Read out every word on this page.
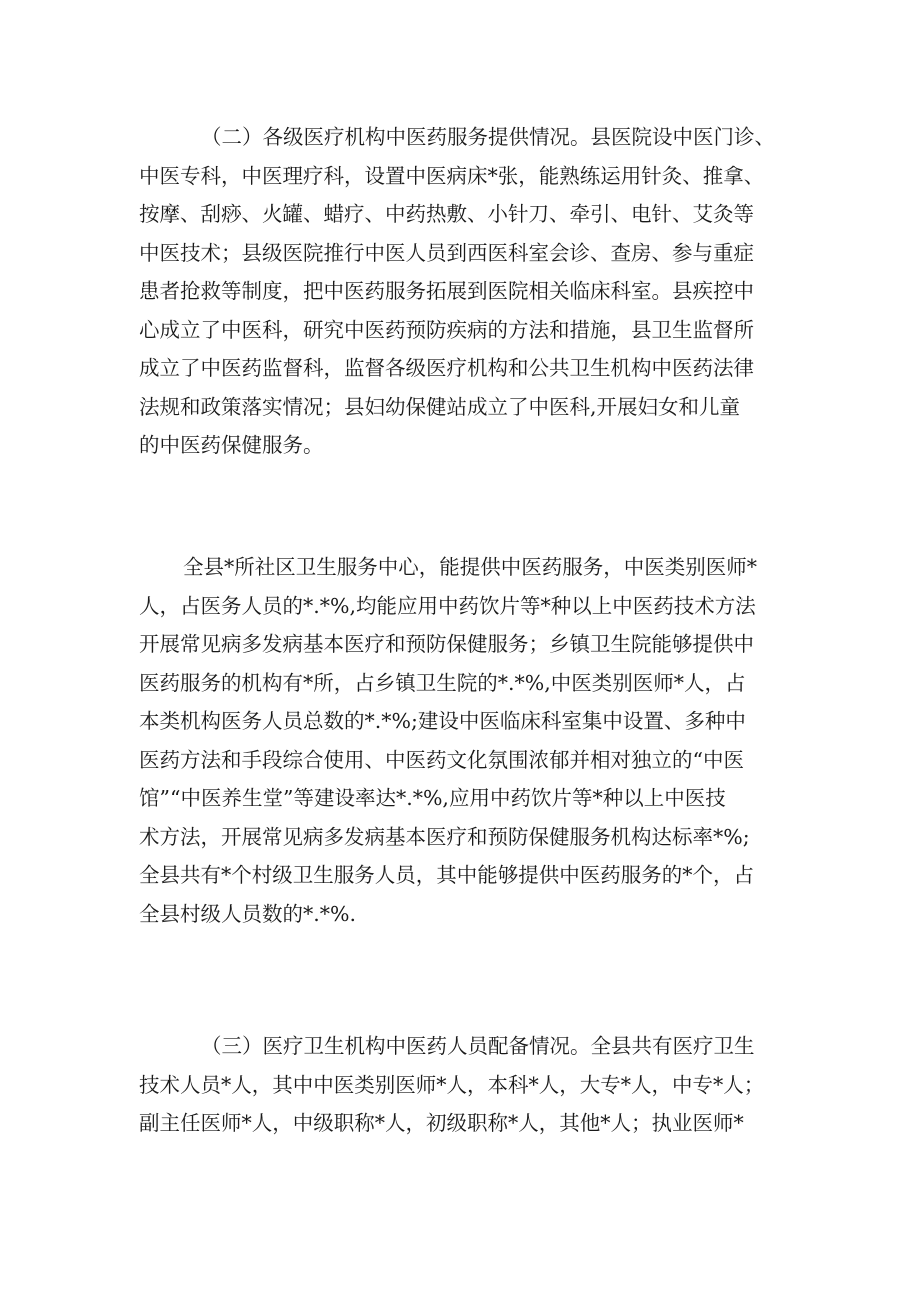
（二）各级医疗机构中医药服务提供情况。县医院设中医门诊、
中医专科，中医理疗科，设置中医病床*张，能熟练运用针灸、推拿、
按摩、刮痧、火罐、蜡疗、中药热敷、小针刀、牵引、电针、艾灸等
中医技术；县级医院推行中医人员到西医科室会诊、查房、参与重症
患者抢救等制度，把中医药服务拓展到医院相关临床科室。县疾控中
心成立了中医科，研究中医药预防疾病的方法和措施，县卫生监督所
成立了中医药监督科，监督各级医疗机构和公共卫生机构中医药法律
法规和政策落实情况；县妇幼保健站成立了中医科,开展妇女和儿童
的中医药保健服务。
全县*所社区卫生服务中心，能提供中医药服务，中医类别医师*
人，占医务人员的*.*%,均能应用中药饮片等*种以上中医药技术方法
开展常见病多发病基本医疗和预防保健服务；乡镇卫生院能够提供中
医药服务的机构有*所，占乡镇卫生院的*.*%,中医类别医师*人，占
本类机构医务人员总数的*.*%;建设中医临床科室集中设置、多种中
医药方法和手段综合使用、中医药文化氛围浓郁并相对独立的“中医
馆”“中医养生堂”等建设率达*.*%,应用中药饮片等*种以上中医技
术方法，开展常见病多发病基本医疗和预防保健服务机构达标率*%;
全县共有*个村级卫生服务人员，其中能够提供中医药服务的*个，占
全县村级人员数的*.*%.
（三）医疗卫生机构中医药人员配备情况。全县共有医疗卫生
技术人员*人，其中中医类别医师*人，本科*人，大专*人，中专*人；
副主任医师*人，中级职称*人，初级职称*人，其他*人；执业医师*
